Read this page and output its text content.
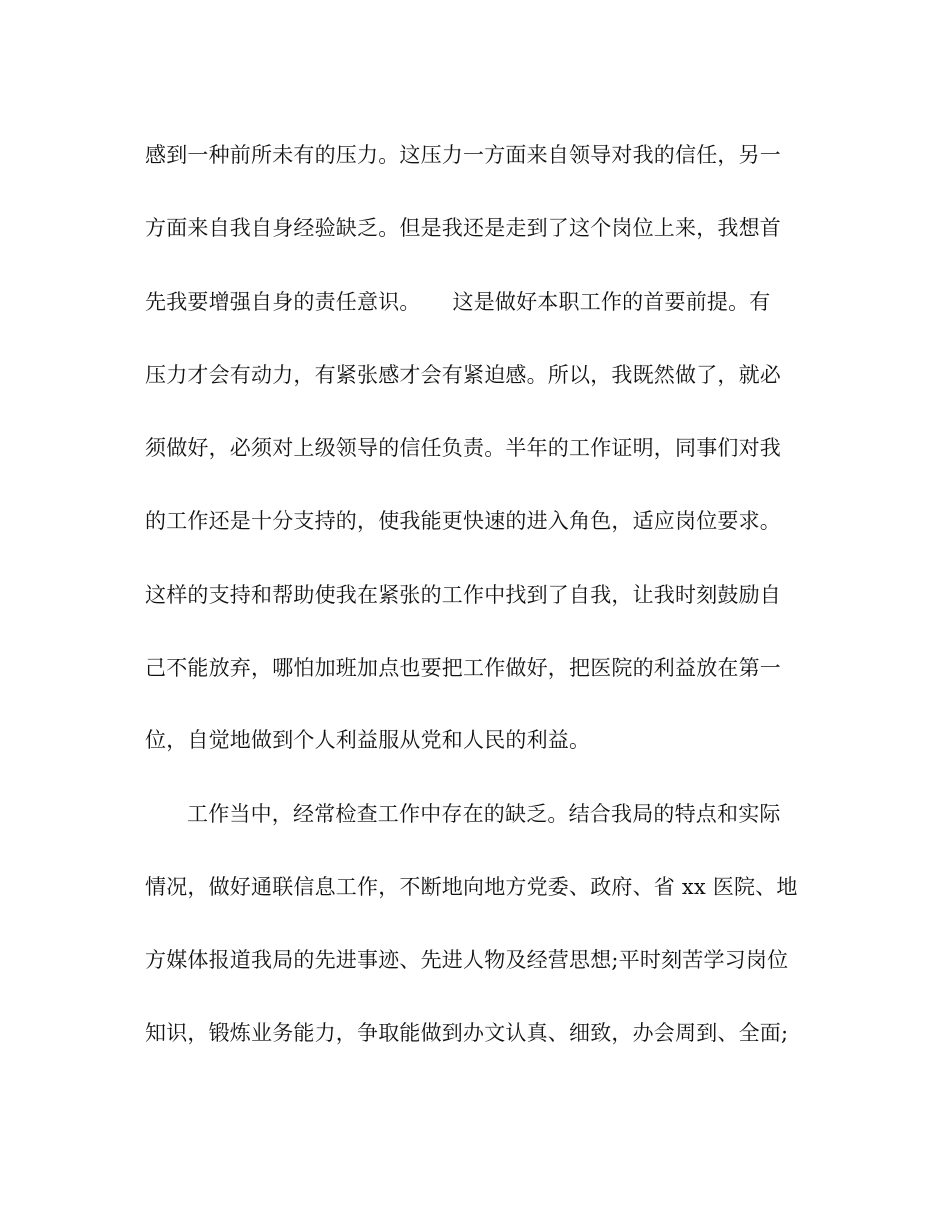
感到一种前所未有的压力。这压力一方面来自领导对我的信任，另一
方面来自我自身经验缺乏。但是我还是走到了这个岗位上来，我想首
先我要增强自身的责任意识。　　这是做好本职工作的首要前提。有
压力才会有动力，有紧张感才会有紧迫感。所以，我既然做了，就必
须做好，必须对上级领导的信任负责。半年的工作证明，同事们对我
的工作还是十分支持的，使我能更快速的进入角色，适应岗位要求。
这样的支持和帮助使我在紧张的工作中找到了自我，让我时刻鼓励自
己不能放弃，哪怕加班加点也要把工作做好，把医院的利益放在第一
位，自觉地做到个人利益服从党和人民的利益。
工作当中，经常检查工作中存在的缺乏。结合我局的特点和实际
情况，做好通联信息工作，不断地向地方党委、政府、省 xx 医院、地
方媒体报道我局的先进事迹、先进人物及经营思想;平时刻苦学习岗位
知识，锻炼业务能力，争取能做到办文认真、细致，办会周到、全面;
